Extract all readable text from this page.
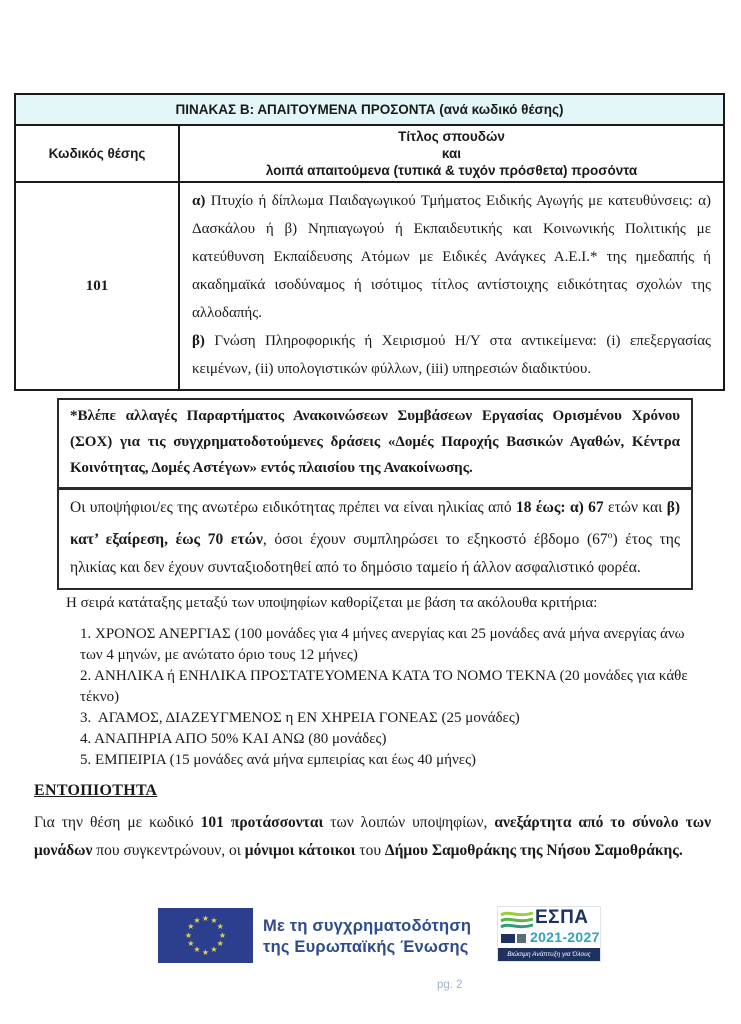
ΠΙΝΑΚΑΣ Β: ΑΠΑΙΤΟΥΜΕΝΑ ΠΡΟΣΟΝΤΑ (ανά κωδικό θέσης)
Κωδικός θέσης
Τίτλος σπουδών
και
λοιπά απαιτούμενα (τυπικά & τυχόν πρόσθετα) προσόντα
101

α) Πτυχίο ή δίπλωμα Παιδαγωγικού Τμήματος Ειδικής Αγωγής με κατευθύνσεις: α) Δασκάλου ή β) Νηπιαγωγού ή Εκπαιδευτικής και Κοινωνικής Πολιτικής με κατεύθυνση Εκπαίδευσης Ατόμων με Ειδικές Ανάγκες Α.Ε.Ι.* της ημεδαπής ή ακαδημαϊκά ισοδύναμος ή ισότιμος τίτλος αντίστοιχης ειδικότητας σχολών της αλλοδαπής.

β) Γνώση Πληροφορικής ή Χειρισμού Η/Υ στα αντικείμενα: (i) επεξεργασίας κειμένων, (ii) υπολογιστικών φύλλων, (iii) υπηρεσιών διαδικτύου.

*Βλέπε αλλαγές Παραρτήματος Ανακοινώσεων Συμβάσεων Εργασίας Ορισμένου Χρόνου (ΣΟΧ) για τις συγχρηματοδοτούμενες δράσεις «Δομές Παροχής Βασικών Αγαθών, Κέντρα Κοινότητας, Δομές Αστέγων» εντός πλαισίου της Ανακοίνωσης.
Οι υποψήφιοι/ες της ανωτέρω ειδικότητας πρέπει να είναι ηλικίας από 18 έως: α) 67 ετών και β) κατ’ εξαίρεση, έως 70 ετών, όσοι έχουν συμπληρώσει το εξηκοστό έβδομο $(67^o)$ έτος της ηλικίας και δεν έχουν συνταξιοδοτηθεί από το δημόσιο ταμείο ή άλλον ασφαλιστικό φορέα.
Η σειρά κατάταξης μεταξύ των υποψηφίων καθορίζεται με βάση τα ακόλουθα κριτήρια:
1. ΧΡΟΝΟΣ ΑΝΕΡΓΙΑΣ (100 μονάδες για 4 μήνες ανεργίας και 25 μονάδες ανά μήνα ανεργίας άνω των 4 μηνών, με ανώτατο όριο τους 12 μήνες)
2. ΑΝΗΛΙΚΑ ή ΕΝΗΛΙΚΑ ΠΡΟΣΤΑΤΕΥΟΜΕΝΑ ΚΑΤΑ ΤΟ ΝΟΜΟ ΤΕΚΝΑ (20 μονάδες για κάθε τέκνο)
3.  ΑΓΑΜΟΣ, ΔΙΑΖΕΥΓΜΕΝΟΣ η ΕΝ ΧΗΡΕΙΑ ΓΟΝΕΑΣ (25 μονάδες)
4. ΑΝΑΠΗΡΙΑ ΑΠΟ 50% ΚΑΙ ΑΝΩ (80 μονάδες)
5. ΕΜΠΕΙΡΙΑ (15 μονάδες ανά μήνα εμπειρίας και έως 40 μήνες)
ΕΝΤΟΠΙΟΤΗΤΑ
Για την θέση με κωδικό 101 προτάσσονται των λοιπών υποψηφίων, ανεξάρτητα από το σύνολο των μονάδων που συγκεντρώνουν, οι μόνιμοι κάτοικοι του Δήμου Σαμοθράκης της Νήσου Σαμοθράκης.
★ ★
★
★
★
★
★
★
★
★
★
★	Με τη συγχρηματοδότηση
της Ευρωπαϊκής Ένωσης
ΕΣΠΑ
2021-2027
Βιώσιμη Ανάπτυξη για Όλους
pg. 2
